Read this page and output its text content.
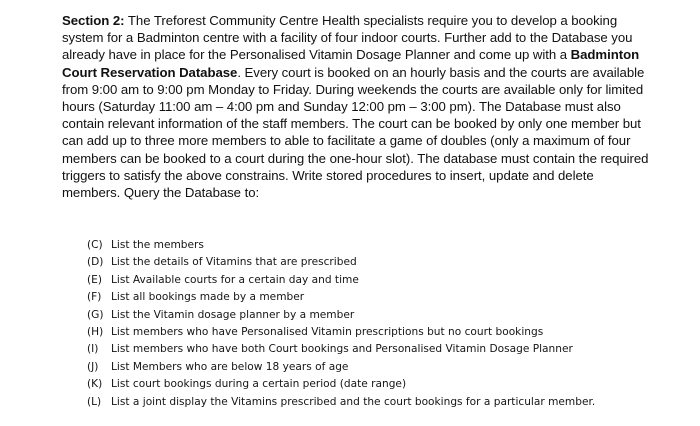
Section 2: The Treforest Community Centre Health specialists require you to develop a booking system for a Badminton centre with a facility of four indoor courts. Further add to the Database you already have in place for the Personalised Vitamin Dosage Planner and come up with a Badminton Court Reservation Database. Every court is booked on an hourly basis and the courts are available from 9:00 am to 9:00 pm Monday to Friday. During weekends the courts are available only for limited hours (Saturday 11:00 am – 4:00 pm and Sunday 12:00 pm – 3:00 pm). The Database must also contain relevant information of the staff members. The court can be booked by only one member but can add up to three more members to able to facilitate a game of doubles (only a maximum of four members can be booked to a court during the one-hour slot). The database must contain the required triggers to satisfy the above constrains. Write stored procedures to insert, update and delete members. Query the Database to:

(C) List the members
(D) List the details of Vitamins that are prescribed
(E) List Available courts for a certain day and time
(F) List all bookings made by a member
(G) List the Vitamin dosage planner by a member
(H) List members who have Personalised Vitamin prescriptions but no court bookings
(I) List members who have both Court bookings and Personalised Vitamin Dosage Planner
(J) List Members who are below 18 years of age
(K) List court bookings during a certain period (date range)
(L) List a joint display the Vitamins prescribed and the court bookings for a particular member.
